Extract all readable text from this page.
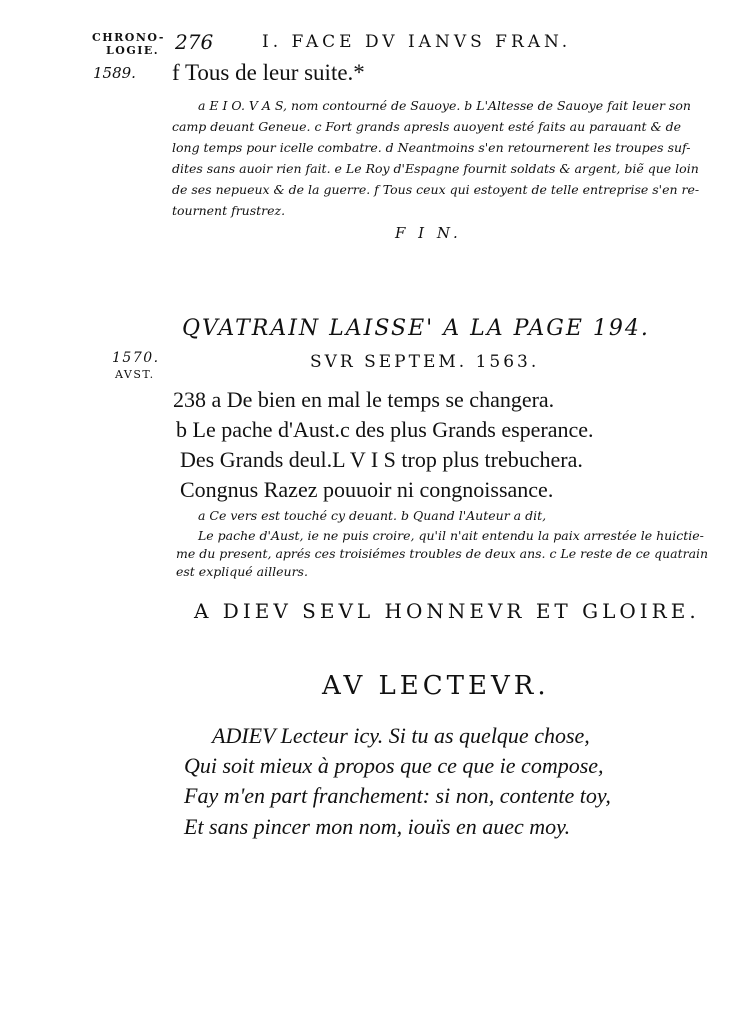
CHRONO-
LOGIE. 276	I. FACE DV IANVS FRAN.
1589. f Tous de leur suite.*
a E I O. V A S, nom contourné de Sauoye. b L'Altesse de Sauoye fait leuer son
camp deuant Geneue. c Fort grands apresls auoyent esté faits au parauant & de
long temps pour icelle combatre. d Neantmoins s'en retournerent les troupes suf-
dites sans auoir rien fait. e Le Roy d'Espagne fournit soldats & argent, biẽ que loin
de ses nepueux & de la guerre. f Tous ceux qui estoyent de telle entreprise s'en re-
tournent frustrez.
F I N.
QVATRAIN LAISSE' A LA PAGE 194.
1570.
AVST.
SVR SEPTEM. 1563.
238 a De bien en mal le temps se changera.
b Le pache d'Aust.c des plus Grands esperance.
Des Grands deul.L V I S trop plus trebuchera.
Congnus Razez pouuoir ni congnoissance.
a Ce vers est touché cy deuant. b Quand l'Auteur a dit,
Le pache d'Aust, ie ne puis croire, qu'il n'ait entendu la paix arrestée le huictie-
me du present, aprés ces troisiémes troubles de deux ans. c Le reste de ce quatrain
est expliqué ailleurs.
A DIEV SEVL HONNEVR ET GLOIRE.
AV LECTEVR.
ADIEV Lecteur icy. Si tu as quelque chose,
Qui soit mieux à propos que ce que ie compose,
Fay m'en part franchement: si non, contente toy,
Et sans pincer mon nom, iouïs en auec moy.
